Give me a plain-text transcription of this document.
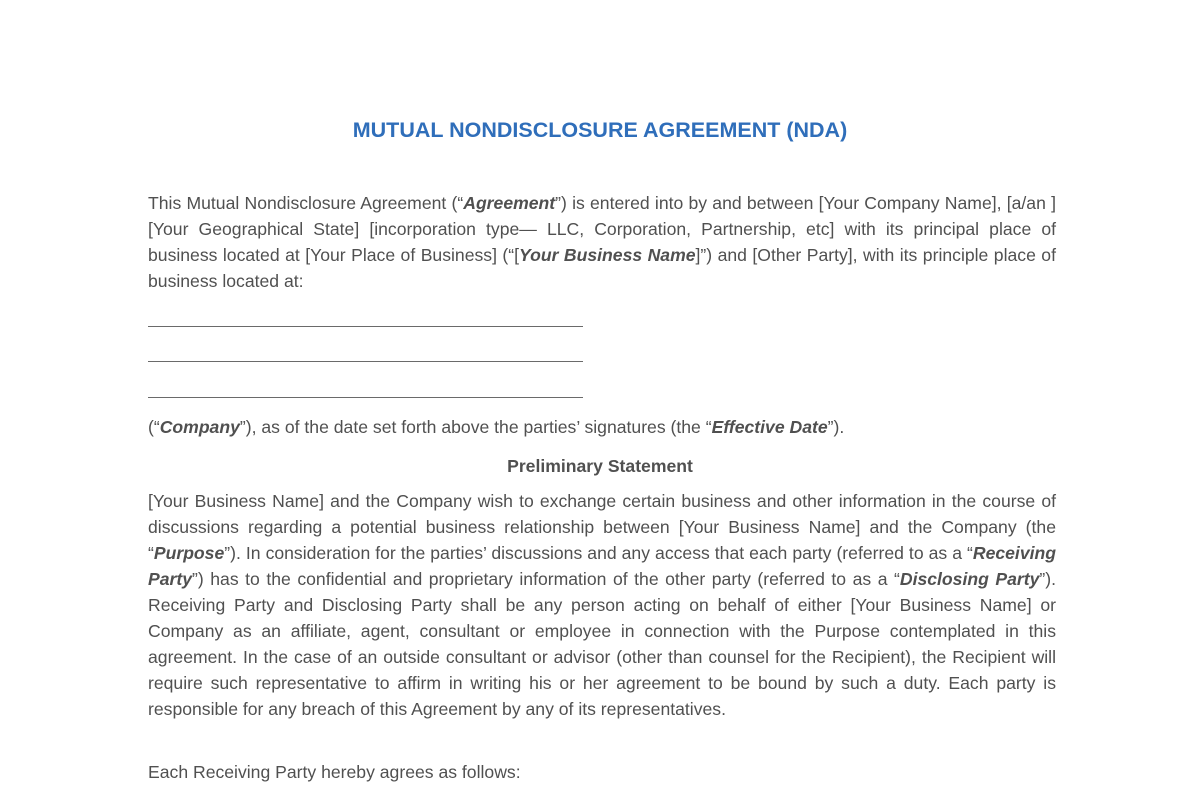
MUTUAL NONDISCLOSURE AGREEMENT (NDA)

This Mutual Nondisclosure Agreement (“Agreement”) is entered into by and between [Your Company Name], [a/an ] [Your Geographical State] [incorporation type— LLC, Corporation, Partnership, etc] with its principal place of business located at [Your Place of Business] (“[Your Business Name]”) and [Other Party], with its principle place of business located at:

(“Company”), as of the date set forth above the parties’ signatures (the “Effective Date”).

Preliminary Statement

[Your Business Name] and the Company wish to exchange certain business and other information in the course of discussions regarding a potential business relationship between [Your Business Name] and the Company (the “Purpose”). In consideration for the parties’ discussions and any access that each party (referred to as a “Receiving Party”) has to the confidential and proprietary information of the other party (referred to as a “Disclosing Party”). Receiving Party and Disclosing Party shall be any person acting on behalf of either [Your Business Name] or Company as an affiliate, agent, consultant or employee in connection with the Purpose contemplated in this agreement. In the case of an outside consultant or advisor (other than counsel for the Recipient), the Recipient will require such representative to affirm in writing his or her agreement to be bound by such a duty. Each party is responsible for any breach of this Agreement by any of its representatives.

Each Receiving Party hereby agrees as follows:
